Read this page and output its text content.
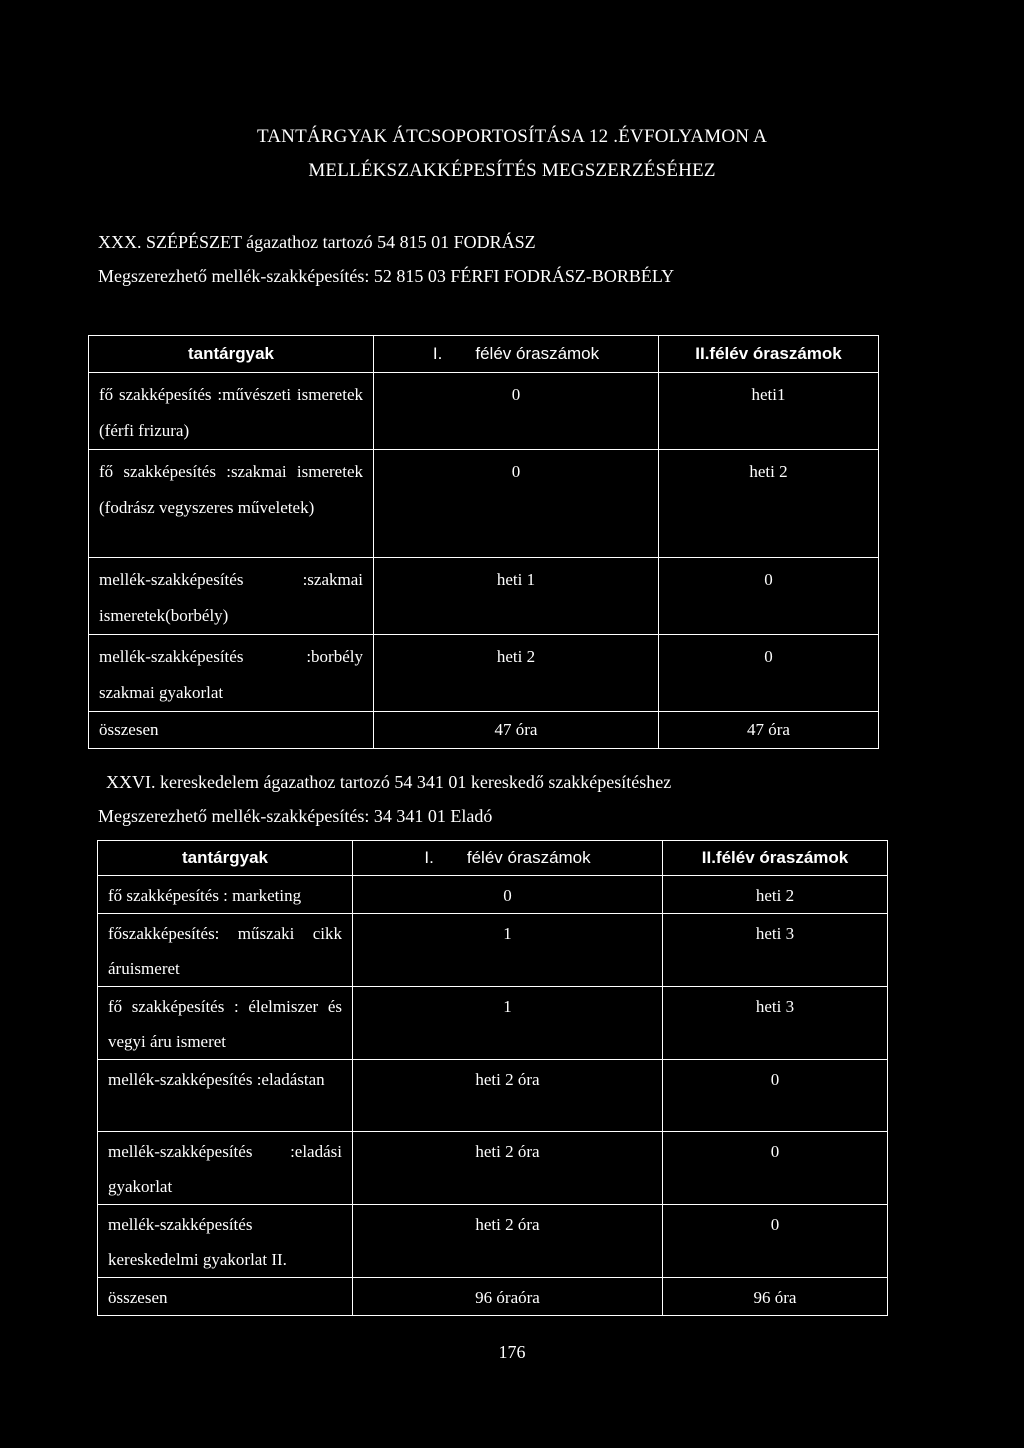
TANTÁRGYAK ÁTCSOPORTOSÍTÁSA 12 .ÉVFOLYAMON A
MELLÉKSZAKKÉPESÍTÉS MEGSZERZÉSÉHEZ
XXX. SZÉPÉSZET ágazathoz tartozó 54 815 01 FODRÁSZ
Megszerezhető mellék-szakképesítés: 52 815 03 FÉRFI FODRÁSZ-BORBÉLY
tantárgyak	I.       félév óraszámok	II.félév óraszámok
fő szakképesítés :művészeti ismeretek (férfi frizura)	0	heti1
fő szakképesítés :szakmai ismeretek (fodrász vegyszeres műveletek)	0	heti 2
mellék-szakképesítés :szakmai ismeretek(borbély)	heti 1	0
mellék-szakképesítés :borbély szakmai gyakorlat	heti 2	0
összesen	47 óra	47 óra
XXVI. kereskedelem ágazathoz tartozó 54 341 01 kereskedő szakképesítéshez
Megszerezhető mellék-szakképesítés: 34 341 01 Eladó
tantárgyak	I.       félév óraszámok	II.félév óraszámok
fő szakképesítés : marketing	0	heti 2
főszakképesítés: műszaki cikk áruismeret	1	heti 3
fő szakképesítés : élelmiszer és vegyi áru ismeret	1	heti 3
mellék-szakképesítés :eladástan	heti 2 óra	0
mellék-szakképesítés :eladási gyakorlat	heti 2 óra	0
mellék-szakképesítés kereskedelmi gyakorlat II.	heti 2 óra	0
összesen	96 óraóra	96 óra
176
